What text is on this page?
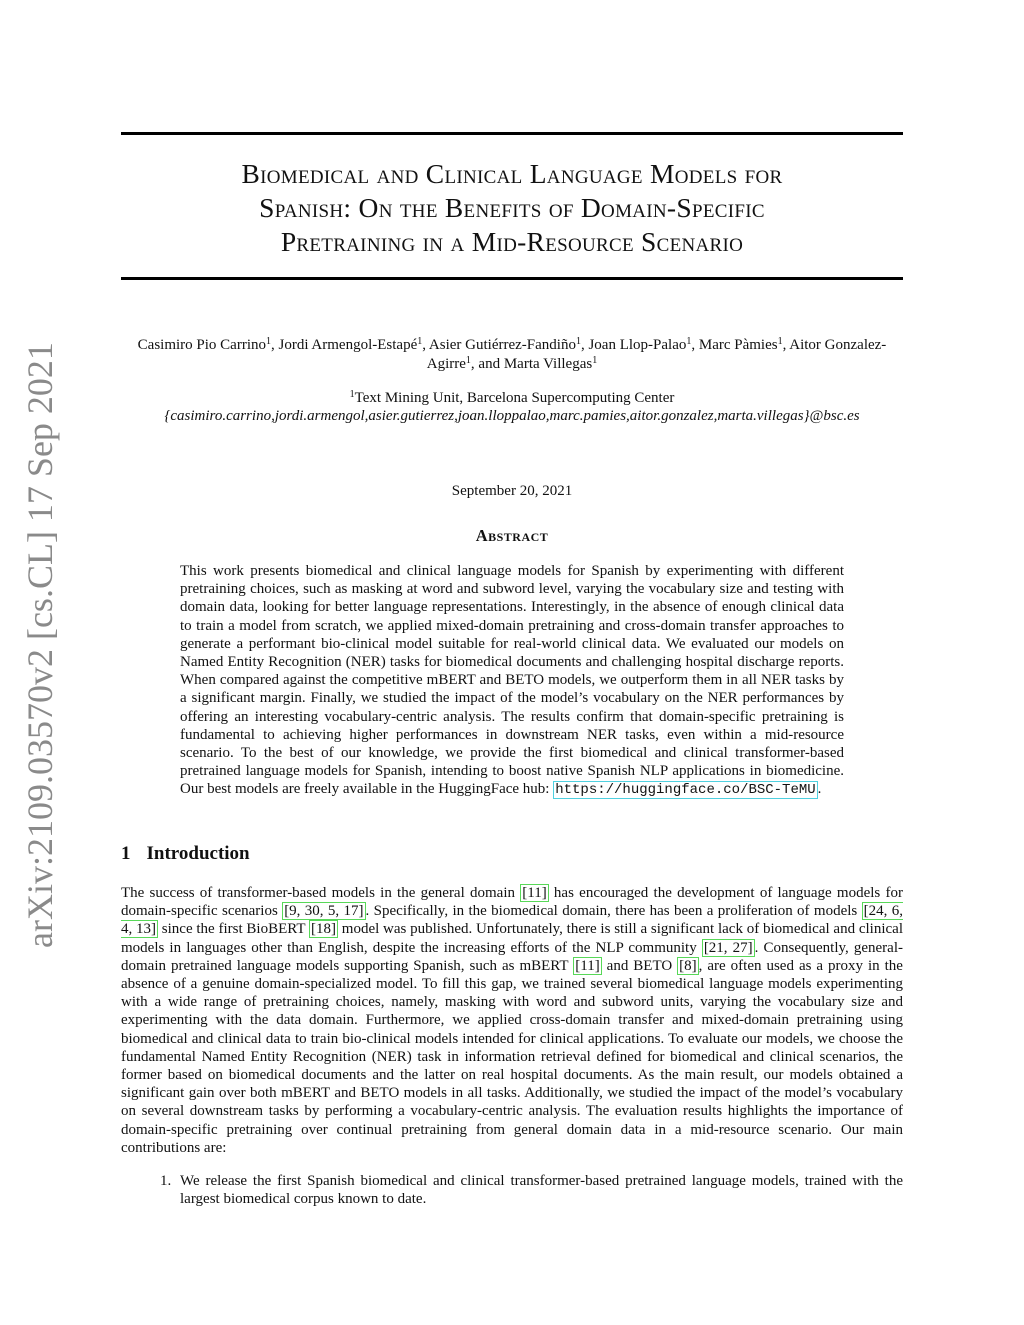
arXiv:2109.03570v2 [cs.CL] 17 Sep 2021
Biomedical and Clinical Language Models for
Spanish: On the Benefits of Domain-Specific
Pretraining in a Mid-Resource Scenario
Casimiro Pio Carrino$^1$, Jordi Armengol-Estapé$^1$, Asier Gutiérrez-Fandiño$^1$, Joan Llop-Palao$^1$, Marc Pàmies$^1$, Aitor Gonzalez-Agirre$^1$, and Marta Villegas$^1$
$^1$Text Mining Unit, Barcelona Supercomputing Center
{casimiro.carrino,jordi.armengol,asier.gutierrez,joan.lloppalao,marc.pamies,aitor.gonzalez,marta.villegas}@bsc.es
September 20, 2021
Abstract

This work presents biomedical and clinical language models for Spanish by experimenting with different pretraining choices, such as masking at word and subword level, varying the vocabulary size and testing with domain data, looking for better language representations. Interestingly, in the absence of enough clinical data to train a model from scratch, we applied mixed-domain pretraining and cross-domain transfer approaches to generate a performant bio-clinical model suitable for real-world clinical data. We evaluated our models on Named Entity Recognition (NER) tasks for biomedical documents and challenging hospital discharge reports. When compared against the competitive mBERT and BETO models, we outperform them in all NER tasks by a significant margin. Finally, we studied the impact of the model’s vocabulary on the NER performances by offering an interesting vocabulary-centric analysis. The results confirm that domain-specific pretraining is fundamental to achieving higher performances in downstream NER tasks, even within a mid-resource scenario. To the best of our knowledge, we provide the first biomedical and clinical transformer-based pretrained language models for Spanish, intending to boost native Spanish NLP applications in biomedicine. Our best models are freely available in the HuggingFace hub: https://huggingface.co/BSC-TeMU .

1 Introduction

The success of transformer-based models in the general domain [11] has encouraged the development of language models for domain-specific scenarios [9, 30, 5, 17] . Specifically, in the biomedical domain, there has been a proliferation of models [24, 6, 4, 13] since the first BioBERT [18] model was published. Unfortunately, there is still a significant lack of biomedical and clinical models in languages other than English, despite the increasing efforts of the NLP community [21, 27] . Consequently, general-domain pretrained language models supporting Spanish, such as mBERT [11] and BETO [8] , are often used as a proxy in the absence of a genuine domain-specialized model. To fill this gap, we trained several biomedical language models experimenting with a wide range of pretraining choices, namely, masking with word and subword units, varying the vocabulary size and experimenting with the data domain. Furthermore, we applied cross-domain transfer and mixed-domain pretraining using biomedical and clinical data to train bio-clinical models intended for clinical applications. To evaluate our models, we choose the fundamental Named Entity Recognition (NER) task in information retrieval defined for biomedical and clinical scenarios, the former based on biomedical documents and the latter on real hospital documents. As the main result, our models obtained a significant gain over both mBERT and BETO models in all tasks. Additionally, we studied the impact of the model’s vocabulary on several downstream tasks by performing a vocabulary-centric analysis. The evaluation results highlights the importance of domain-specific pretraining over continual pretraining from general domain data in a mid-resource scenario. Our main contributions are:

1. We release the first Spanish biomedical and clinical transformer-based pretrained language models, trained with the largest biomedical corpus known to date.
